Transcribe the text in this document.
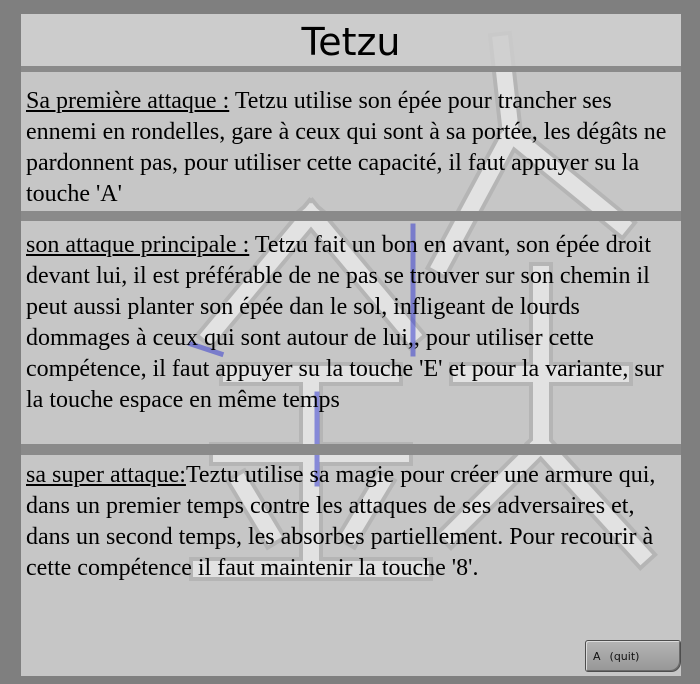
Tetzu
Sa première attaque : Tetzu utilise son épée pour trancher ses ennemi en rondelles, gare à ceux qui sont à sa portée, les dégâts ne pardonnent pas, pour utiliser cette capacité, il faut appuyer su la touche 'A'
son attaque principale : Tetzu fait un bon en avant, son épée droit devant lui, il est préférable de ne pas se trouver sur son chemin il peut aussi planter son épée dan le sol, infligeant de lourds dommages à ceux qui sont autour de lui,, pour utiliser cette compétence, il faut appuyer su la touche 'E' et pour la variante, sur la touche espace en même temps
sa super attaque:Teztu utilise sa magie pour créer une armure qui, dans un premier temps contre les attaques de ses adversaires et, dans un second temps, les absorbes partiellement. Pour recourir à cette compétence il faut maintenir la touche '8'.
A (quit)
